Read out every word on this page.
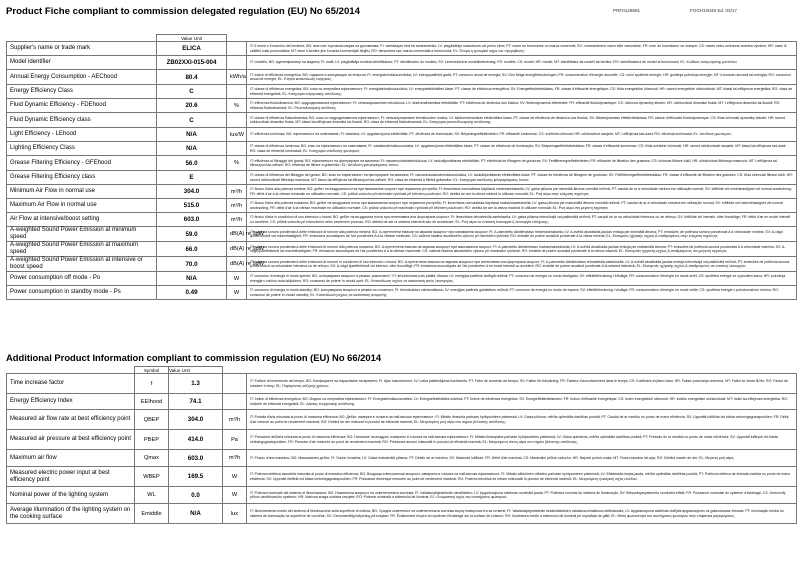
Product Fiche compliant to commission delegated regulation (EU) No 65/2014	PRF0128981	FOGH10048 Ed. 03/17
	Value Unit		
Supplier's name or trade mark	ELICA		IT: il nome o il marchio del fornitore; BG: име или търговска марка на доставчика; FI: valmistajan nimi tai tavaramerkki; LV: piegādātāja nosaukums vai preču zīme; PT: nome do fornecedor ou marca comercial; SV: Leverantörens namn eller varumärke; FR: nom du fournisseur ou marque; CS: název nebo ochranná známka výrobce; HR: naziv ili zaštitni znak proizvođača; MT: isem il-fornitur jew il-marka kummerċjali tiegħu; RO: denumirea sau marca comercială a furnizorului; EL: Όνομα ή εμπορικό σήμα του προμηθευτή;
Model identifier	ZB02XXI-015-004		IT: modello; BG: идентификатор на модела; FI: malli; LV: piegādātāja modeļa identifikators; PT: identificador do modelo; SV: Leverantörens modellbeteckning; FR: modèle; CS: model; HR: model; MT: identifikatur tal-mudell tal-fornitur; RO: identificatorul de model al furnizorului; EL: Κωδικός αναγνώρισης μοντέλου;
Annual Energy Consumption - AEChood	80.4	kWh/a	IT: indice di efficienza energetica; BG: годишното консумация на енергия; FI: energiatehokkuusindeksi; LV: energopatēriņš gadā; PT: consumo anual de energia; SV: Den årliga energiförbrukningen; FR: consommation d'énergie annuelle; CS: roční spotřeba energie; HR: godišnja potrošnja energije; MT: il-konsum annwali tal-enerġija; RO: consumul anual de energie; EL: Ετήσια κατανάλωση ενέργειας;
Energy Efficiency Class	C		IT: classe di efficienza energetica; BG: клас по енергийна ефективност; FI: energiatehokkuusluokka; LV: energoefektivitātes klase; PT: classe de eficiência energética; SV: Energieffektivitetsklass; FR: classe d'efficacité énergétique; CS: třída energetické účinnosti; HR: razred energetske učinkovitosti; MT: klassi tal-effiċjenza enerġetika; RO: clasa de eficiență energetică; EL: Κατηγορία ενεργειακής απόδοσης;
Fluid Dynamic Efficiency - FDEhood	20.6	%	IT: efficienza fluidodinamica; BG: хидродинамична ефективност; FI: virtausdynaaminen tehokkuus; LV: šķidrumdinamikas efektivitāte; PT: eficiência de dinâmica dos fluidos; SV: flödesdynamisk effektivitet; FR: efficacité fluidodynamique; CS: účinnost dynamiky tekutin; HR: učinkovitost dinamike fluida; MT: l-effiċjenza dinamika tal-fluwidi; RO: eficiența fluidodinamică; EL: Ρευστοδυναμική απόδοση;
Fluid Dynamic Efficiency class	C		IT: classe di efficienza fluidodinamica; BG: клас по хидродинамична ефективност; FI: virtausdynaamisen tehokkuuden luokka; LV: šķidrumdinamikas efektivitātes klase; PT: classe de eficiência de dinâmica dos fluidos; SV: flödesdynamisk effektivitetsklass; FR: classe d'efficacité fluidodynamique; CS: třída účinnosti dynamiky tekutin; HR: razred učinkovitosti dinamike fluida; MT: klassi tal-effiċjenza dinamika tal-fluwidi; RO: clasa de eficiență fluidodinamică; EL: Κατηγορία ρευστοδυναμικής απόδοσης;
Light Efficiency - LEhood	N/A	lux/W	IT: efficienza luminosa; BG: ефективност на осветяване; FI: valaistus; LV: apgaismojuma efektivitāte; PT: eficiência de iluminação; SV: Belysningseffektiviteten; FR: efficacité lumineuse; CS: světelná účinnost; HR: učinkovitost rasvjete; MT: l-effiċjenza tad-dawl; RO: eficiența luminoasă; EL: Απόδοση φωτισμού;
Lighting Efficiency Class	N/A		IT: classe di efficienza luminosa; BG: клас на ефективност на осветяване; FI: valaistustehokkuusluokka; LV: apgaismojuma efektivitātes klase; PT: classe de eficiência de iluminação; SV: Belysningseffektivitetsklass; FR: classe d'efficacité lumineuse; CS: třída světelné účinnosti; HR: razred učinkovitosti rasvjete; MT: klassi tal-effiċjenza tad-dawl; RO: clasa de eficiență luminoasă; EL: Κατηγορία απόδοσης φωτισμού;
Grease Filtering Efficiency - GFEhood	56.0	%	IT: efficienza di filtraggio dei grassi; BG: ефективност на филтриране на мазнини; FI: rasvansuodatustehokkuus; LV: taukutilpināšanas efektivitāte; PT: eficiência de filtragem de gorduras; SV: Fettfiltreringseffektiviteten; FR: efficacité de filtration des graisses; CS: účinnost filtrace tuků; HR: učinkovitost filtriranja masnoća; MT: l-effiċjenza tal-filtrazzjoni tax-xaħam; RO: eficiența de filtrare a grăsimilor; EL: Απόδοση φιλτραρίσματος λιπών;
Grease Filtering Efficiency class	E		IT: classe di efficienza del filtraggio dei grassi; BG: клас по ефективност на филтриране на мазнини; FI: rasvansuodatustehokkuusluokka; LV: taukutilpināšanas efektivitātes klase; PT: classe de eficiência de filtragem de gorduras; SV: Fettfiltreringseffektivitetsklass; FR: classe d'efficacité de filtration des graisses; CS: třída účinnosti filtrace tuků; HR: razred učinkovitosti filtriranja masnoća; MT: klassi tal-effiċjenza tal-filtrazzjoni tax-xaħam; RO: clasa de eficiență a filtrării grăsimilor; EL: Κατηγορία απόδοσης φιλτραρίσματος λιπών;
Minimum Air Flow in normal use	304.0	m³/h	IT: flusso d'aria alla potenza minima; BG: дебит на въздушния поток при минимална скорост при нормална употреба; FI: ilmavirtaus normaalissa käytössä minimiasetuksella; LV: gaisa plūsma pie minimālā ātruma normālā režīmā; PT: caudal de ar à velocidade mínima em utilização normal; SV: luftflöde vid minimihastighet vid normal användning; FR: débit d'air à la vitesse minimale en utilisation normale; CS: průtok vzduchu při minimální rychlosti při běžném používání; RO: debitul de aer la viteza minimă în utilizare normală; EL: Ροή αέρα στην ελάχιστη ταχύτητα;
Maximum Air Flow in normal use	515.0	m³/h	IT: flusso d'aria alla potenza massima; BG: дебит на въздушния поток при максимална скорост при нормална употреба; FI: ilmavirtaus normaalissa käytössä maksimiasetuksella; LV: gaisa plūsma pie maksimālā ātruma normālā režīmā; PT: caudal de ar à velocidade máxima em utilização normal; SV: luftflöde vid maximihastighet vid normal användning; FR: débit d'air à la vitesse maximale en utilisation normale; CS: průtok vzduchu při maximální rychlosti při běžném používání; RO: debitul de aer la viteza maximă în utilizare normală; EL: Ροή αέρα στη μέγιστη ταχύτητα;
Air Flow at intensive/boost setting	603.0	m³/h	IT: flusso d'aria in condizioni di uso intensivo o boost; BG: дебит на въздушния поток при интензивна или форсирана скорост; FI: ilmavirtaus tehostetulla asetuksella; LV: gaisa plūsma intensīvajā vai paātrinātā režīmā; PT: caudal de ar na velocidade intensiva ou de reforço; SV: luftflöde vid intensiv- eller boostläge; FR: débit d'air en mode intensif ou accéléré; CS: průtok vzduchu při intenzivním nebo zesíleném provozu; RO: debitul de aer la setarea intensivă sau de accelerare; EL: Ροή αέρα σε εντατική λειτουργία ή λειτουργία ενίσχυσης;
A-weighted Sound Power Emission at minimum speed	59.0	dB(A) re 1pW	IT: potenza sonora ponderata A delle emissioni di rumore alla potenza minima; BG: А-претеглени емисии на звукова мощност при минимална скорост; FI: A-painotettu äänitehotaso minimiasetuksella; LV: A-svērtā akustiskās jaudas emisija pie minimālā ātruma; PT: emissões de potência sonora ponderada A à velocidade mínima; SV: A-vägd ljudeffektnivå vid minimihastighet; FR: émissions acoustiques de l'air pondérées A à la vitesse minimale; CS: vážená hladina akustického výkonu při minimální rychlosti; RO: emisiile de putere acustică ponderate A la viteza minimă; EL: Εκπομπές ηχητικής ισχύος Α-σταθμισμένες στην ελάχιστη ταχύτητα;
A-weighted Sound Power Emission at maximum speed	66.0	dB(A) re 1pW	IT: potenza sonora ponderata A delle emissioni di rumore alla potenza massima; BG: А-претеглени емисии на звукова мощност при максимална скорост; FI: A-painotettu äänitehotaso maksimiasetuksella; LV: A-svērtā akustiskās jaudas emisija pie maksimālā ātruma; PT: emissões de potência sonora ponderada A à velocidade máxima; SV: A-vägd ljudeffektnivå vid maximihastighet; FR: émissions acoustiques de l'air pondérées A à la vitesse maximale; CS: vážená hladina akustického výkonu při maximální rychlosti; RO: emisiile de putere acustică ponderate A la viteza maximă; EL: Εκπομπές ηχητικής ισχύος Α-σταθμισμένες στη μέγιστη ταχύτητα;
A-weighted Sound Power Emission at intensive or boost speed	70.0	dB(A) re 1pW	IT: potenza sonora ponderata A delle emissioni di rumore in condizioni di uso intensivo o boost; BG: А-претеглени емисии на звукова мощност при интензивна или форсирана скорост; FI: A-painotettu äänitehotaso tehostetulla asetuksella; LV: A-svērtā akustiskās jaudas emisija intensīvajā vai paātrinātā režīmā; PT: emissões de potência sonora ponderada A na velocidade intensiva ou de reforço; SV: A-vägd ljudeffektnivå vid intensiv- eller boostläge; FR: émissions acoustiques de l'air pondérées A en mode intensif ou accéléré; RO: emisiile de putere acustică ponderate A la setarea intensivă; EL: Εκπομπές ηχητικής ισχύος Α-σταθμισμένες σε εντατική λειτουργία;
Power consumption off mode - Po	N/A	W	IT: consumo di energia in modo spento; BG: консумирана мощност в режим „изключено“; FI: tehonkulutus pois päältä -tilassa; LV: enerģijas patēriņš izslēgtā režīmā; PT: consumo de energia no modo desligado; SV: effektförbrukning i frånläge; FR: consommation d'énergie en mode arrêt; CS: spotřeba energie ve vypnutém stavu; HR: potrošnja energije u načinu rada isključeno; RO: consumul de putere în modul oprit; EL: Κατανάλωση ισχύος σε κατάσταση εκτός λειτουργίας;
Power consumption in standby mode - Ps	0.49	W	IT: consumo di energia in modo standby; BG: консумирана мощност в режим на готовност; FI: tehonkulutus valmiustilassa; LV: enerģijas patēriņš gaidstāves režīmā; PT: consumo de energia no modo de espera; SV: effektförbrukning i viloläge; FR: consommation d'énergie en mode veille; CS: spotřeba energie v pohotovostním režimu; RO: consumul de putere în modul standby; EL: Κατανάλωση ισχύος σε κατάσταση αναμονής;
Additional Product Information compliant to commission regulation (EU) No 66/2014
	Symbol	Value Unit		
Time increase factor	f	1.3		IT: Fattore di incremento nel tempo; BG: Коефициент на нарастване на времето; FI: Ajan kasvukerroin; LV: Laika palielinājuma koeficients; PT: Fator de aumento de tempo; SV: Faktor för tidsökning; FR: Facteur d'accroissement dans le temps; CS: Koeficient zvýšení času; HR: Faktor povećanja vremena; MT: Fattur ta' żieda fil-ħin; RO: Factor de creștere în timp; EL: Παράγοντας αύξησης χρόνου;
Energy Efficiency Index	EEIhood	74.1		IT: Indice di efficienza energetica; BG: Индекс на енергийна ефективност; FI: Energiatehokkuusindeksi; LV: Energoefektivitātes indekss; PT: Índice de eficiência energética; SV: Energieffektivitetsindex; FR: Indice d'efficacité énergétique; CS: Index energetické účinnosti; HR: Indeks energetske učinkovitosti; MT: Indiċi tal-effiċjenza enerġetika; RO: Indicele de eficiență energetică; EL: Δείκτης ενεργειακής απόδοσης;
Measured air flow rate at best efficiency point	QBEP	304.0	m³/h	IT: Portata d'aria misurata al punto di massima efficienza; BG: Дебит, измерен в точката на най-висока ефективност; FI: Mitattu ilmavirta parhaan hyötysuhteen pisteessä; LV: Gaisa plūsma, mērīta optimālās darbības punktā; PT: Caudal de ar medido no ponto de maior eficiência; SV: Uppmätt luftflöde vid bästa verkningsgradspunkten; FR: Débit d'air mesuré au point de rendement maximal; RO: Debitul de aer măsurat în punctul de eficiență maximă; EL: Μετρούμενη ροή αέρα στο σημείο βέλτιστης απόδοσης;
Measured air pressure at best efficiency point	PBEP	414.0	Pa	IT: Pressione dell'aria misurata al punto di massima efficienza; BG: Налягане на въздуха, измерено в точката на най-висока ефективност; FI: Mitattu ilmanpaine parhaan hyötysuhteen pisteessä; LV: Gaisa spiediens, mērīts optimālās darbības punktā; PT: Pressão do ar medida no ponto de maior eficiência; SV: Uppmätt lufttryck vid bästa verkningsgradspunkten; FR: Pression d'air mesurée au point de rendement maximal; RO: Presiunea aerului măsurată în punctul de eficiență maximă; EL: Μετρούμενη πίεση αέρα στο σημείο βέλτιστης απόδοσης;
Maximum air flow	Qmax	603.0	m³/h	IT: Flusso d'aria massimo; BG: Максимален дебит; FI: Suurin ilmavirta; LV: Gaisa maksimālā plūsma; PT: Débito de ar máximo; SV: Maximalt luftflöde; FR: Débit d'air maximal; CS: Maximální průtok vzduchu; HR: Najveći protok zraka; MT: Fluss massimu tal-arja; RO: Debitul maxim de aer; EL: Μέγιστη ροή αέρα;
Measured electric power input at best efficiency point	WBEP	169.5	W	IT: Potenza elettrica assorbita misurata al punto di massima efficienza; BG: Входяща електрическа мощност, измерена в точката на най-висока ефективност; FI: Mitattu sähköinen ottoteho parhaan hyötysuhteen pisteessä; LV: Elektriskās ieejas jauda, mērīta optimālās darbības punktā; PT: Potência elétrica de entrada medida no ponto de maior eficiência; SV: Uppmätt eleffekt vid bästa verkningsgradspunkten; FR: Puissance électrique mesurée au point de rendement maximal; RO: Puterea electrică de intrare măsurată în punctul de eficiență maximă; EL: Μετρούμενη ηλεκτρική ισχύς εισόδου;
Nominal power of the lighting system	WL	0.0	W	IT: Potenza nominale del sistema di illuminazione; BG: Номинална мощност на осветителната система; FI: Valaistusjärjestelmän nimellisteho; LV: Apgaismojuma sistēmas nominālā jauda; PT: Potência nominal do sistema de iluminação; SV: Belysningssystemets nominella effekt; FR: Puissance nominale du système d'éclairage; CS: Jmenovitý příkon osvětlovacího systému; HR: Nazivna snaga sustava rasvjete; RO: Puterea nominală a sistemului de iluminat; EL: Ονομαστική ισχύς του συστήματος φωτισμού;
Average illumination of the lighting system on the cooking surface	Emiddle	N/A	lux	IT: Illuminamento medio del sistema di illuminazione sulla superficie di cottura; BG: Средна осветеност на осветителната система върху повърхността за готвене; FI: Valaistusjärjestelmän keskimääräinen valaistusvoimakkuus keittotasolla; LV: Apgaismojuma sistēmas vidējais apgaismojums uz gatavošanas virsmas; PT: Iluminação média do sistema de iluminação na superfície de cozinhar; SV: Genomsnittlig belysning på kokytan; FR: Éclairement moyen du système d'éclairage sur la surface de cuisson; RO: Iluminarea medie a sistemului de iluminat pe suprafața de gătit; EL: Μέση φωτεινότητα του συστήματος φωτισμού στην επιφάνεια μαγειρέματος;
